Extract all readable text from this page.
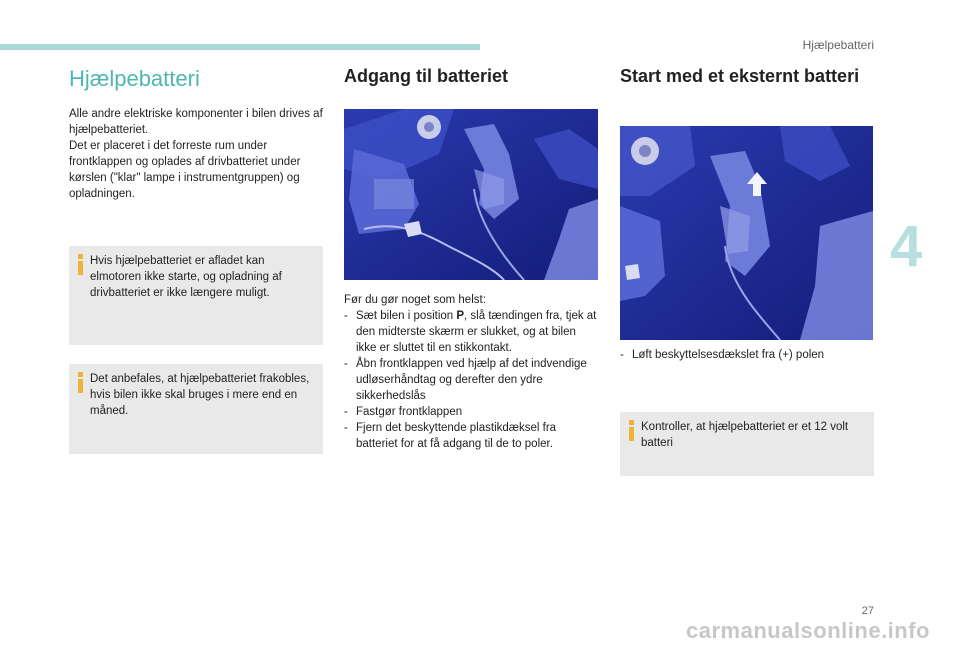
Hjælpebatteri
4
Hjælpebatteri
Alle andre elektriske komponenter i bilen drives af hjælpebatteriet.
Det er placeret i det forreste rum under frontklappen og oplades af drivbatteriet under kørslen ("klar" lampe i instrumentgruppen) og opladningen.
Hvis hjælpebatteriet er afladet kan elmotoren ikke starte, og opladning af drivbatteriet er ikke længere muligt.
Det anbefales, at hjælpebatteriet frakobles, hvis bilen ikke skal bruges i mere end en måned.
Adgang til batteriet
Før du gør noget som helst:
- Sæt bilen i position P, slå tændingen fra, tjek at den midterste skærm er slukket, og at bilen ikke er sluttet til en stikkontakt.
- Åbn frontklappen ved hjælp af det indvendige udløserhåndtag og derefter den ydre sikkerhedslås
- Fastgør frontklappen
- Fjern det beskyttende plastikdæksel fra batteriet for at få adgang til de to poler.
Start med et eksternt batteri
- Løft beskyttelsesdækslet fra (+) polen
Kontroller, at hjælpebatteriet er et 12 volt batteri
27
carmanualsonline.info
